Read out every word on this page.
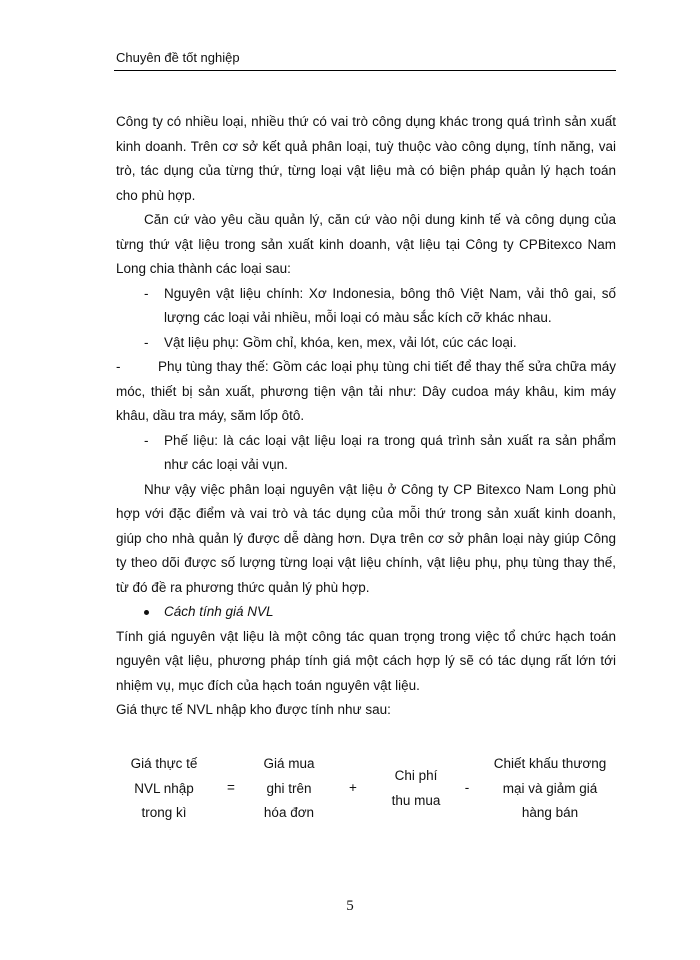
Chuyên đề tốt nghiệp

Công ty có nhiều loại, nhiều thứ có vai trò công dụng khác trong quá trình sản xuất kinh doanh. Trên cơ sở kết quả phân loại, tuỳ thuộc vào công dụng, tính năng, vai trò, tác dụng của từng thứ, từng loại vật liệu mà có biện pháp quản lý hạch toán cho phù hợp.

Căn cứ vào yêu cầu quản lý, căn cứ vào nội dung kinh tế và công dụng của từng thứ vật liệu trong sản xuất kinh doanh, vật liệu tại Công ty CPBitexco Nam Long chia thành các loại sau:

- Nguyên vật liệu chính: Xơ Indonesia, bông thô Việt Nam, vải thô gai, số lượng các loại vải nhiều, mỗi loại có màu sắc kích cỡ khác nhau.
- Vật liệu phụ: Gồm chỉ, khóa, ken, mex, vải lót, cúc các loại.
-	Phụ tùng thay thế: Gồm các loại phụ tùng chi tiết để thay thế sửa chữa máy móc, thiết bị sản xuất, phương tiện vận tải như: Dây cudoa máy khâu, kim máy khâu, dầu tra máy, săm lốp ôtô.
- Phế liệu: là các loại vật liệu loại ra trong quá trình sản xuất ra sản phẩm như các loại vải vụn.

Như vậy việc phân loại nguyên vật liệu ở Công ty CP Bitexco Nam Long phù hợp với đặc điểm và vai trò và tác dụng của mỗi thứ trong sản xuất kinh doanh, giúp cho nhà quản lý được dễ dàng hơn. Dựa trên cơ sở phân loại này giúp Công ty theo dõi được số lượng từng loại vật liệu chính, vật liệu phụ, phụ tùng thay thế, từ đó đề ra phương thức quản lý phù hợp.

Cách tính giá NVL

Tính giá nguyên vật liệu là một công tác quan trọng trong việc tổ chức hạch toán nguyên vật liệu, phương pháp tính giá một cách hợp lý sẽ có tác dụng rất lớn tới nhiệm vụ, mục đích của hạch toán nguyên vật liệu.

Giá thực tế NVL nhập kho được tính như sau:

Giá thực tế
NVL nhập
trong kì
=
Giá mua
ghi trên
hóa đơn
+
Chi phí
thu mua
-
Chiết khấu thương
mại và giảm giá
hàng bán
5
